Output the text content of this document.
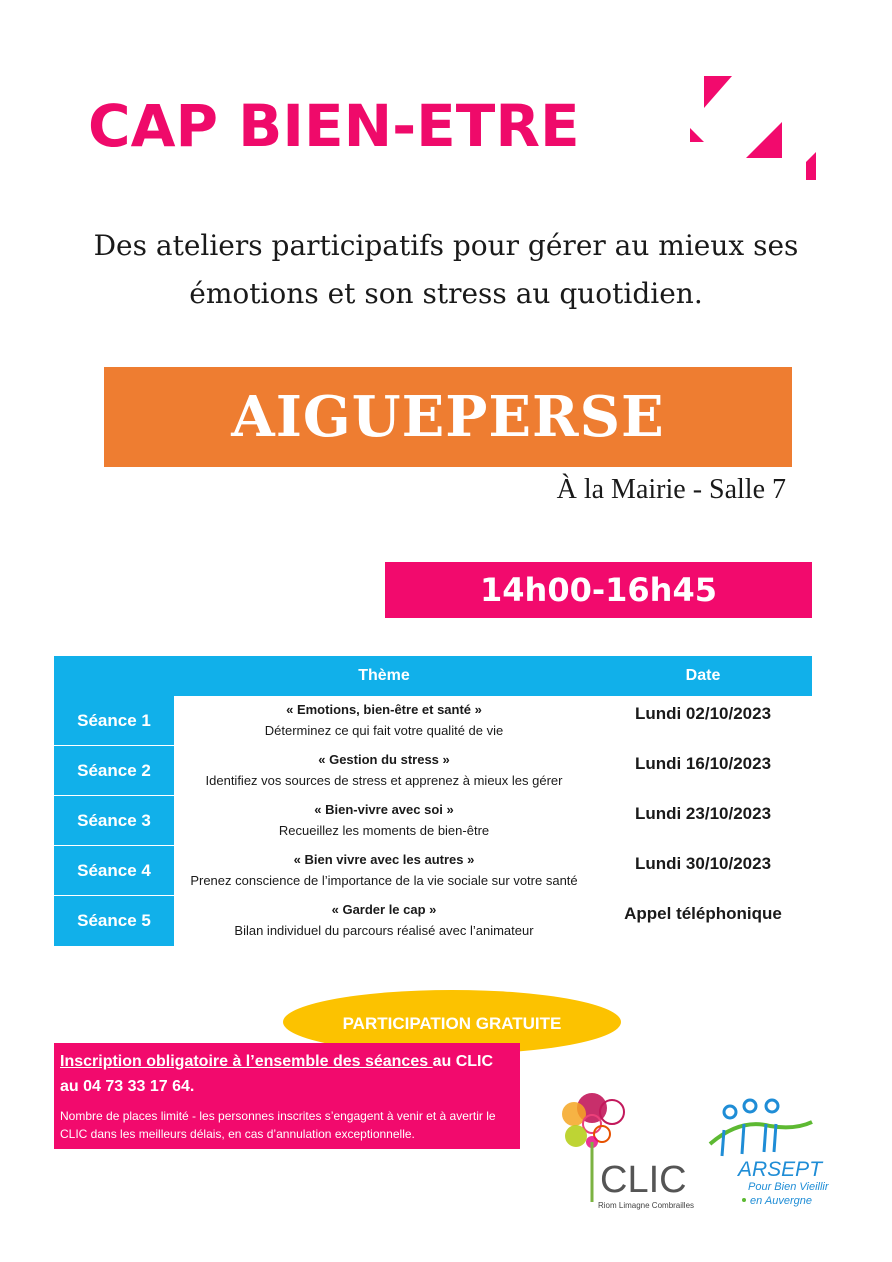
CAP BIEN-ETRE
Des ateliers participatifs pour gérer au mieux ses émotions et son stress au quotidien.
AIGUEPERSE
À la Mairie - Salle 7
14h00-16h45
Thème	Date
Séance 1
« Emotions, bien-être et santé »
Déterminez ce qui fait votre qualité de vie
Lundi 02/10/2023
Séance 2
« Gestion du stress »
Identifiez vos sources de stress et apprenez à mieux les gérer
Lundi 16/10/2023
Séance 3
« Bien-vivre avec soi »
Recueillez les moments de bien-être
Lundi 23/10/2023
Séance 4
« Bien vivre avec les autres »
Prenez conscience de l’importance de la vie sociale sur votre santé
Lundi 30/10/2023
Séance 5
« Garder le cap »
Bilan individuel du parcours réalisé avec l’animateur
Appel téléphonique
PARTICIPATION GRATUITE
Inscription obligatoire à l’ensemble des séances au CLIC au 04 73 33 17 64.
Nombre de places limité - les personnes inscrites s’engagent à venir et à avertir le CLIC dans les meilleurs délais, en cas d’annulation exceptionnelle.
CLIC
Riom Limagne Combrailles
ARSEPT
Pour Bien Vieillir
en Auvergne
